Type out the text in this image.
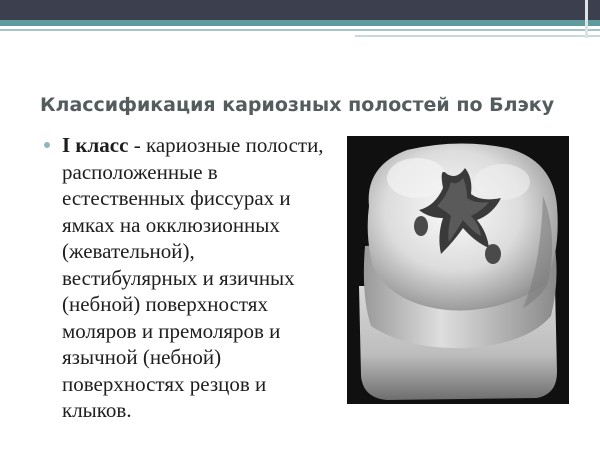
Классификация кариозных полостей по Блэку
I класс - кариозные полости, расположенные в естественных фиссурах и ямках на окклюзионных (жевательной), вестибулярных и язичных (небной) поверхностях моляров и премоляров и язычной (небной) поверхностях резцов и клыков.
